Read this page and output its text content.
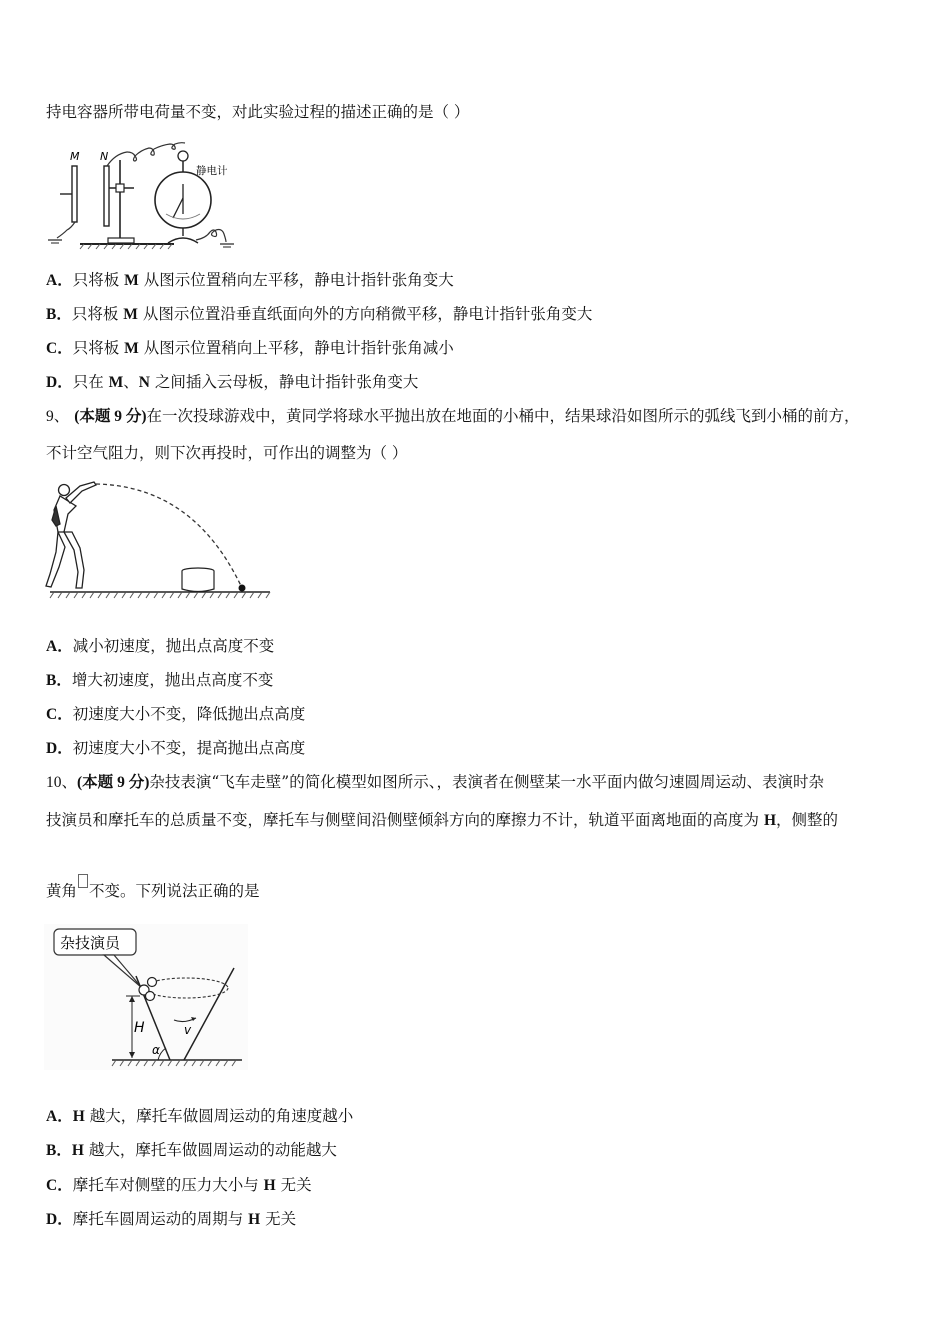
持电容器所带电荷量不变，对此实验过程的描述正确的是（ ）
M N
静电计
A．只将板 M 从图示位置稍向左平移，静电计指针张角变大
B．只将板 M 从图示位置沿垂直纸面向外的方向稍微平移，静电计指针张角变大
C．只将板 M 从图示位置稍向上平移，静电计指针张角减小
D．只在 M、N 之间插入云母板，静电计指针张角变大
9、 (本题 9 分)在一次投球游戏中，黄同学将球水平抛出放在地面的小桶中，结果球沿如图所示的弧线飞到小桶的前方，
不计空气阻力，则下次再投时，可作出的调整为（ ）
A．减小初速度，抛出点高度不变
B．增大初速度，抛出点高度不变
C．初速度大小不变，降低抛出点高度
D．初速度大小不变，提高抛出点高度
10、(本题 9 分)杂技表演“飞车走壁”的简化模型如图所示、，表演者在侧壁某一水平面内做匀速圆周运动、表演时杂
技演员和摩托车的总质量不变，摩托车与侧壁间沿侧壁倾斜方向的摩擦力不计，轨道平面离地面的高度为 H，侧整的
黄角 不变。下列说法正确的是
杂技演员
v
H
α
A．H 越大，摩托车做圆周运动的角速度越小
B．H 越大，摩托车做圆周运动的动能越大
C．摩托车对侧壁的压力大小与 H 无关
D．摩托车圆周运动的周期与 H 无关
